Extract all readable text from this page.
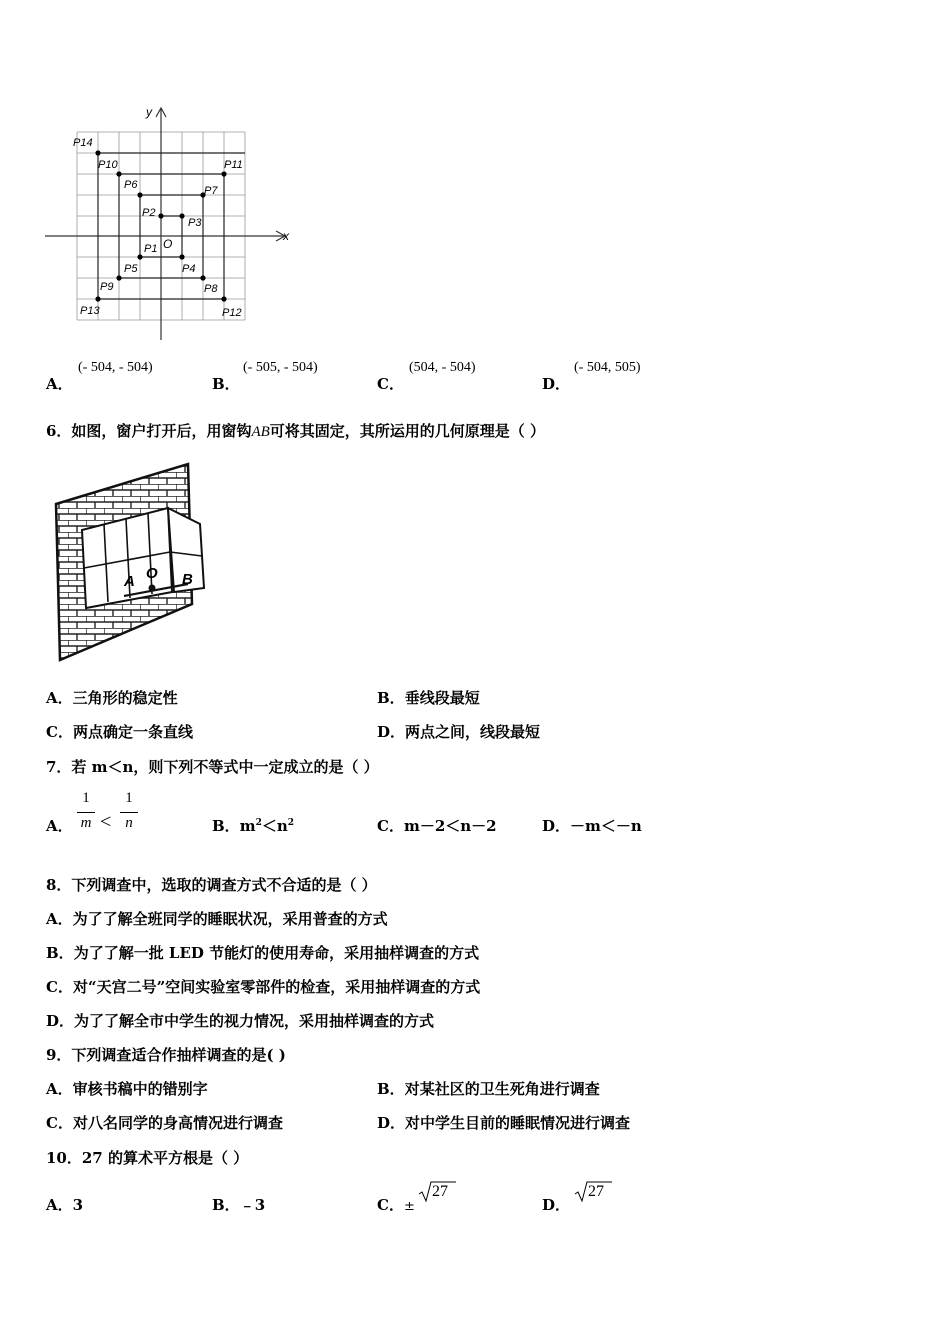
y
x
O
P14
P10	P11
P6	P7
P2
P3
P1
P4
P5
P8
P9
P13	P12
A．
(- 504, - 504)
B．
(- 505, - 504)
C．
(504, - 504)
D．
(- 504, 505)
6．如图，窗户打开后，用窗钩AB可将其固定，其所运用的几何原理是（ ）
A O B
A．三角形的稳定性	B．垂线段最短
C．两点确定一条直线	D．两点之间，线段最短
7．若 m＜n，则下列不等式中一定成立的是（ ）
A．
1
m <
1
n	B．$m^2<n^2$	C．m－2＜n－2	D．－m＜－n
8．下列调查中，选取的调查方式不合适的是（ ）
A．为了了解全班同学的睡眠状况，采用普查的方式
B．为了了解一批 LED 节能灯的使用寿命，采用抽样调查的方式
C．对“天宫二号”空间实验室零部件的检查，采用抽样调查的方式
D．为了了解全市中学生的视力情况，采用抽样调查的方式
9．下列调查适合作抽样调查的是( )
A．审核书稿中的错别字	B．对某社区的卫生死角进行调查
C．对八名同学的身高情况进行调查	D．对中学生目前的睡眠情况进行调查
10．27 的算术平方根是（ ）
A．3	B．﹣3	C．±
27
D．
27
